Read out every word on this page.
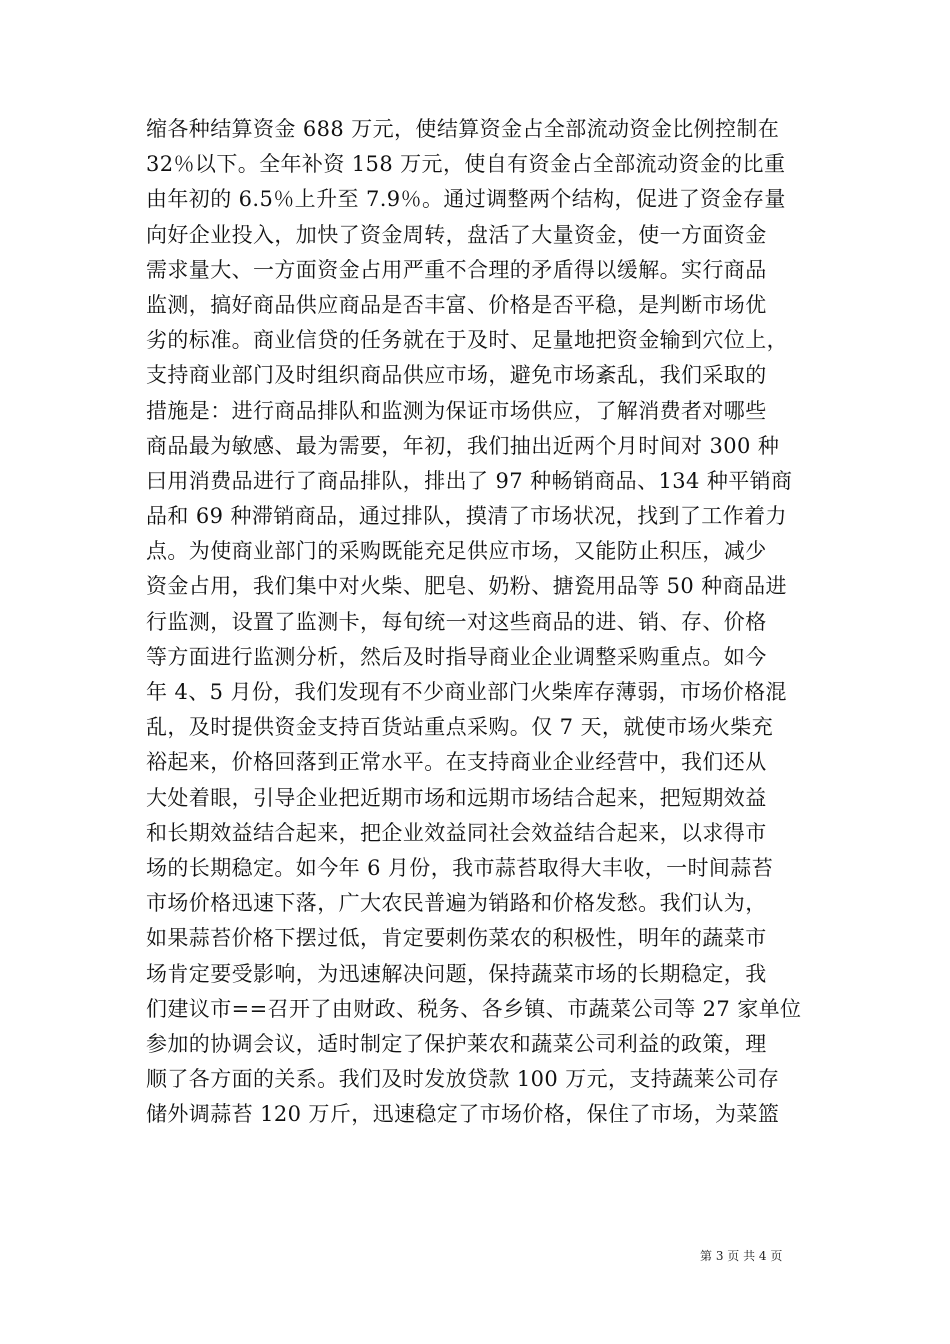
缩各种结算资金 688 万元，使结算资金占全部流动资金比例控制在
32％以下。全年补资 158 万元，使自有资金占全部流动资金的比重
由年初的 6.5％上升至 7.9％。通过调整两个结构，促进了资金存量
向好企业投入，加快了资金周转，盘活了大量资金，使一方面资金
需求量大、一方面资金占用严重不合理的矛盾得以缓解。实行商品
监测，搞好商品供应商品是否丰富、价格是否平稳，是判断市场优
劣的标准。商业信贷的任务就在于及时、足量地把资金输到穴位上，
支持商业部门及时组织商品供应市场，避免市场紊乱，我们采取的
措施是：进行商品排队和监测为保证市场供应，了解消费者对哪些
商品最为敏感、最为需要，年初，我们抽出近两个月时间对 300 种
曰用消费品进行了商品排队，排出了 97 种畅销商品、134 种平销商
品和 69 种滞销商品，通过排队，摸清了市场状况，找到了工作着力
点。为使商业部门的采购既能充足供应市场，又能防止积压，减少
资金占用，我们集中对火柴、肥皂、奶粉、搪瓷用品等 50 种商品进
行监测，设置了监测卡，每旬统一对这些商品的进、销、存、价格
等方面进行监测分析，然后及时指导商业企业调整采购重点。如今
年 4、5 月份，我们发现有不少商业部门火柴库存薄弱，市场价格混
乱，及时提供资金支持百货站重点采购。仅 7 天，就使市场火柴充
裕起来，价格回落到正常水平。在支持商业企业经营中，我们还从
大处着眼，引导企业把近期市场和远期市场结合起来，把短期效益
和长期效益结合起来，把企业效益同社会效益结合起来，以求得市
场的长期稳定。如今年 6 月份，我市蒜苔取得大丰收，一时间蒜苔
市场价格迅速下落，广大农民普遍为销路和价格发愁。我们认为，
如果蒜苔价格下摆过低，肯定要刺伤菜农的积极性，明年的蔬菜市
场肯定要受影响，为迅速解决问题，保持蔬菜市场的长期稳定，我
们建议市==召开了由财政、税务、各乡镇、市蔬菜公司等 27 家单位
参加的协调会议，适时制定了保护莱农和蔬菜公司利益的政策，理
顺了各方面的关系。我们及时发放贷款 100 万元，支持蔬莱公司存
储外调蒜苔 120 万斤，迅速稳定了市场价格，保住了市场，为菜篮
第 3 页 共 4 页
